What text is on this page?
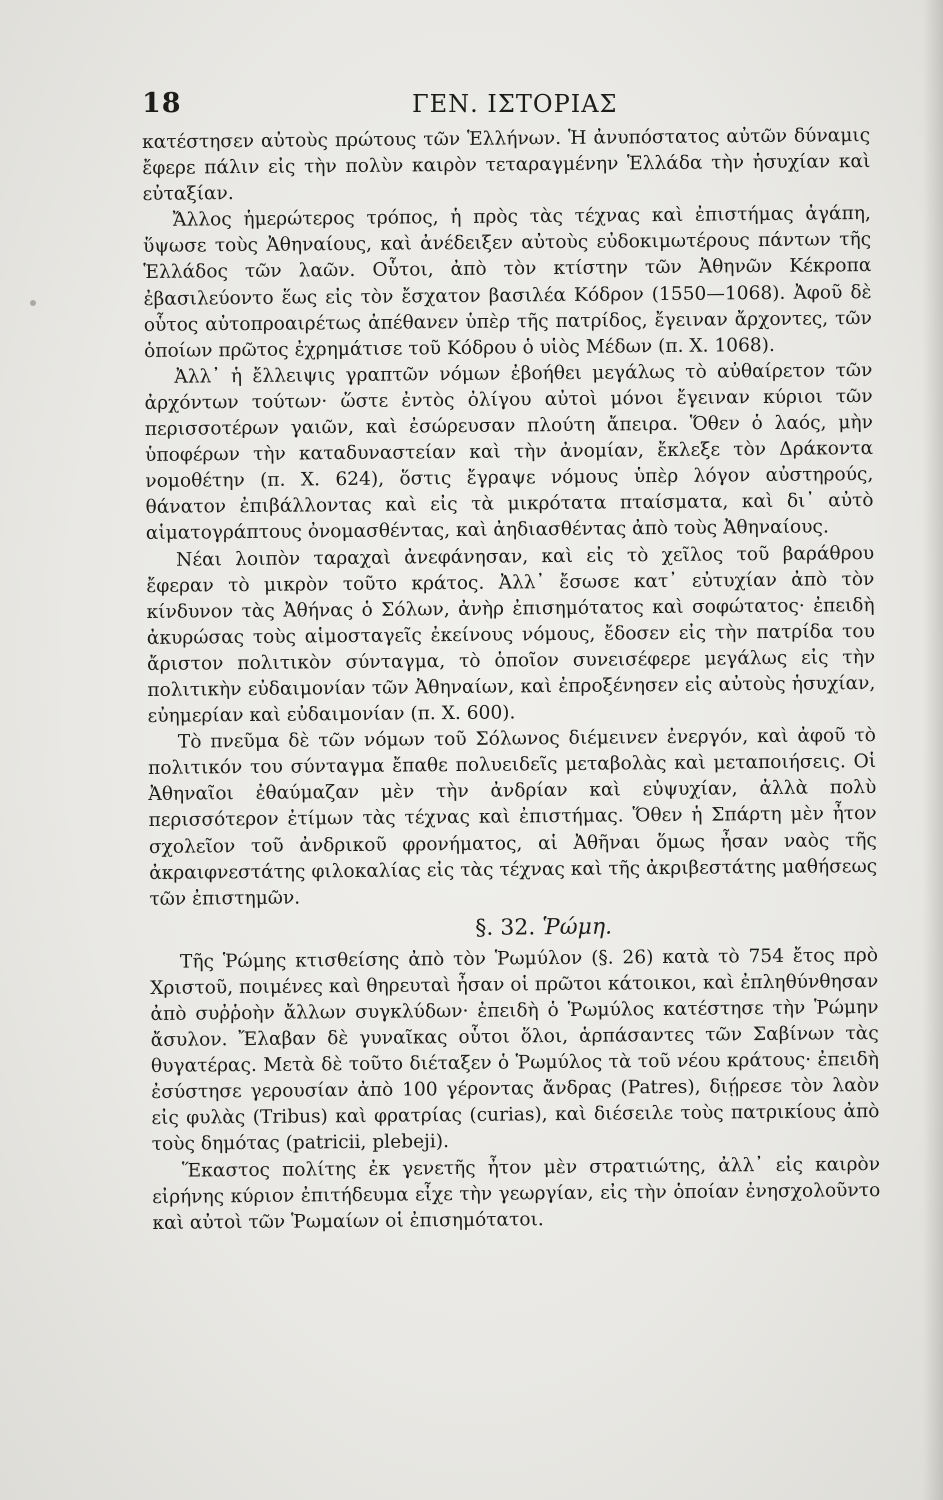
18	ΓΕΝ. ΙΣΤΟΡΙΑΣ

κατέστησεν αὐτοὺς πρώτους τῶν Ἑλλήνων. Ἡ ἀνυπόστατος αὐτῶν δύναμις ἔφερε πάλιν εἰς τὴν πολὺν καιρὸν τεταραγμένην Ἑλλάδα τὴν ἡσυχίαν καὶ εὐταξίαν.

Ἄλλος ἡμερώτερος τρόπος, ἡ πρὸς τὰς τέχνας καὶ ἐπιστήμας ἀγάπη, ὕψωσε τοὺς Ἀθηναίους, καὶ ἀνέδειξεν αὐτοὺς εὐδοκιμωτέρους πάντων τῆς Ἑλλάδος τῶν λαῶν. Οὗτοι, ἀπὸ τὸν κτίστην τῶν Ἀθηνῶν Κέκροπα ἐβασιλεύοντο ἕως εἰς τὸν ἔσχατον βασιλέα Κόδρον (1550—1068). Ἀφοῦ δὲ οὗτος αὐτοπροαιρέτως ἀπέθανεν ὑπὲρ τῆς πατρίδος, ἔγειναν ἄρχοντες, τῶν ὁποίων πρῶτος ἐχρημάτισε τοῦ Κόδρου ὁ υἱὸς Μέδων (π. Χ. 1068).

Ἀλλ᾽ ἡ ἔλλειψις γραπτῶν νόμων ἐβοήθει μεγάλως τὸ αὐθαίρετον τῶν ἀρχόντων τούτων· ὥστε ἐντὸς ὀλίγου αὐτοὶ μόνοι ἔγειναν κύριοι τῶν περισσοτέρων γαιῶν, καὶ ἐσώρευσαν πλούτη ἄπειρα. Ὅθεν ὁ λαός, μὴν ὑποφέρων τὴν καταδυναστείαν καὶ τὴν ἀνομίαν, ἔκλεξε τὸν Δράκοντα νομοθέτην (π. Χ. 624), ὅστις ἔγραψε νόμους ὑπὲρ λόγον αὐστηρούς, θάνατον ἐπιβάλλοντας καὶ εἰς τὰ μικρότατα πταίσματα, καὶ δι᾽ αὐτὸ αἱματογράπτους ὀνομασθέντας, καὶ ἀηδιασθέντας ἀπὸ τοὺς Ἀθηναίους.

Νέαι λοιπὸν ταραχαὶ ἀνεφάνησαν, καὶ εἰς τὸ χεῖλος τοῦ βαράθρου ἔφεραν τὸ μικρὸν τοῦτο κράτος. Ἀλλ᾽ ἔσωσε κατ᾽ εὐτυχίαν ἀπὸ τὸν κίνδυνον τὰς Ἀθήνας ὁ Σόλων, ἀνὴρ ἐπισημότατος καὶ σοφώτατος· ἐπειδὴ ἀκυρώσας τοὺς αἱμοσταγεῖς ἐκείνους νόμους, ἔδοσεν εἰς τὴν πατρίδα του ἄριστον πολιτικὸν σύνταγμα, τὸ ὁποῖον συνεισέφερε μεγάλως εἰς τὴν πολιτικὴν εὐδαιμονίαν τῶν Ἀθηναίων, καὶ ἐπροξένησεν εἰς αὐτοὺς ἡσυχίαν, εὐημερίαν καὶ εὐδαιμονίαν (π. Χ. 600).

Τὸ πνεῦμα δὲ τῶν νόμων τοῦ Σόλωνος διέμεινεν ἐνεργόν, καὶ ἀφοῦ τὸ πολιτικόν του σύνταγμα ἔπαθε πολυειδεῖς μεταβολὰς καὶ μεταποιήσεις. Οἱ Ἀθηναῖοι ἐθαύμαζαν μὲν τὴν ἀνδρίαν καὶ εὐψυχίαν, ἀλλὰ πολὺ περισσότερον ἐτίμων τὰς τέχνας καὶ ἐπιστήμας. Ὅθεν ἡ Σπάρτη μὲν ἦτον σχολεῖον τοῦ ἀνδρικοῦ φρονήματος, αἱ Ἀθῆναι ὅμως ἦσαν ναὸς τῆς ἀκραιφνεστάτης φιλοκαλίας εἰς τὰς τέχνας καὶ τῆς ἀκριβεστάτης μαθήσεως τῶν ἐπιστημῶν.

§. 32. Ῥώμη.

Τῆς Ῥώμης κτισθείσης ἀπὸ τὸν Ῥωμύλον (§. 26) κατὰ τὸ 754 ἔτος πρὸ Χριστοῦ, ποιμένες καὶ θηρευταὶ ἦσαν οἱ πρῶτοι κάτοικοι, καὶ ἐπληθύνθησαν ἀπὸ συῤῥοὴν ἄλλων συγκλύδων· ἐπειδὴ ὁ Ῥωμύλος κατέστησε τὴν Ῥώμην ἄσυλον. Ἔλαβαν δὲ γυναῖκας οὗτοι ὅλοι, ἁρπάσαντες τῶν Σαβίνων τὰς θυγατέρας. Μετὰ δὲ τοῦτο διέταξεν ὁ Ῥωμύλος τὰ τοῦ νέου κράτους· ἐπειδὴ ἐσύστησε γερουσίαν ἀπὸ 100 γέροντας ἄνδρας (Patres), διῄρεσε τὸν λαὸν εἰς φυλὰς (Tribus) καὶ φρατρίας (curias), καὶ διέσειλε τοὺς πατρικίους ἀπὸ τοὺς δημότας (patricii, plebeji).

Ἕκαστος πολίτης ἐκ γενετῆς ἦτον μὲν στρατιώτης, ἀλλ᾽ εἰς καιρὸν εἰρήνης κύριον ἐπιτήδευμα εἶχε τὴν γεωργίαν, εἰς τὴν ὁποίαν ἐνησχολοῦντο καὶ αὐτοὶ τῶν Ῥωμαίων οἱ ἐπισημότατοι.
